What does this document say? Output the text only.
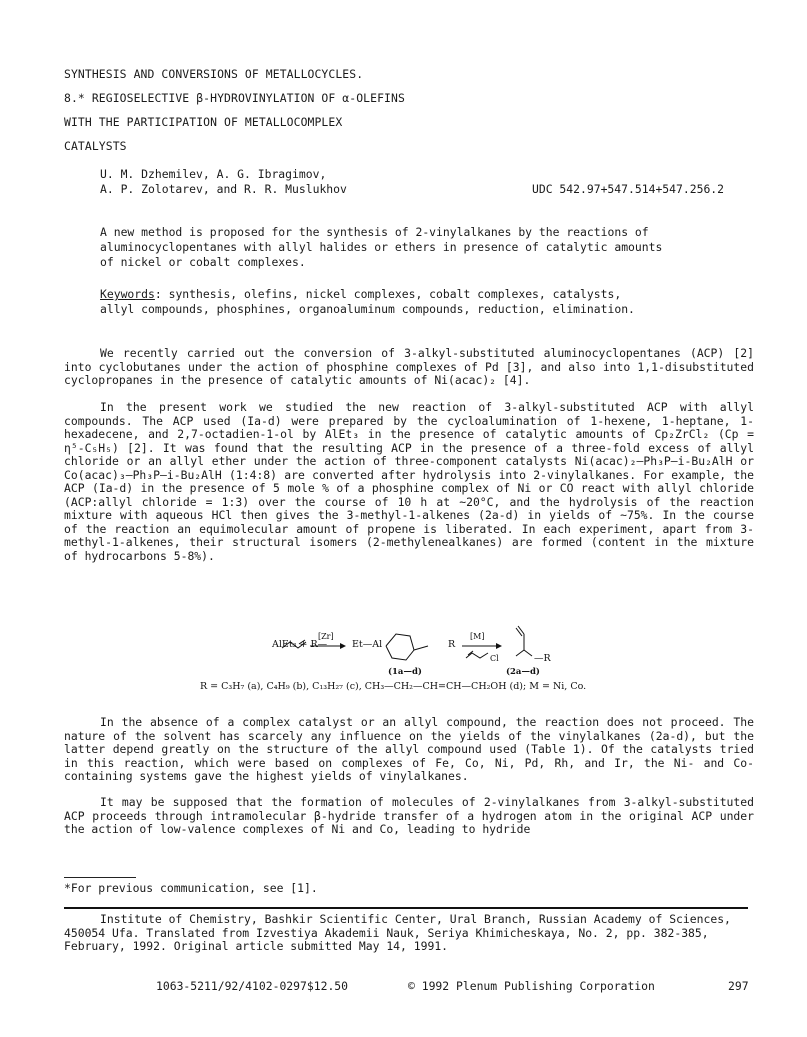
SYNTHESIS AND CONVERSIONS OF METALLOCYCLES.
8.* REGIOSELECTIVE β-HYDROVINYLATION OF α-OLEFINS
WITH THE PARTICIPATION OF METALLOCOMPLEX
CATALYSTS
U. M. Dzhemilev, A. G. Ibragimov,
A. P. Zolotarev, and R. R. Muslukhov	UDC 542.97+547.514+547.256.2
A new method is proposed for the synthesis of 2-vinylalkanes by the reactions of
aluminocyclopentanes with allyl halides or ethers in presence of catalytic amounts
of nickel or cobalt complexes.
Keywords: synthesis, olefins, nickel complexes, cobalt complexes, catalysts,
allyl compounds, phosphines, organoaluminum compounds, reduction, elimination.

We recently carried out the conversion of 3-alkyl-substituted aluminocyclopentanes (ACP) [2] into cyclobutanes under the action of phosphine complexes of Pd [3], and also into 1,1-disubstituted cyclopropanes in the presence of catalytic amounts of Ni(acac)₂ [4].

In the present work we studied the new reaction of 3-alkyl-substituted ACP with allyl compounds. The ACP used (Ia-d) were prepared by the cycloalumination of 1-hexene, 1-heptane, 1-hexadecene, and 2,7-octadien-1-ol by AlEt₃ in the presence of catalytic amounts of Cp₂ZrCl₂ (Cp = η⁵-C₅H₅) [2]. It was found that the resulting ACP in the presence of a three-fold excess of allyl chloride or an allyl ether under the action of three-component catalysts Ni(acac)₂–Ph₃P–i-Bu₂AlH or Co(acac)₃–Ph₃P–i-Bu₂AlH (1:4:8) are converted after hydrolysis into 2-vinylalkanes. For example, the ACP (Ia-d) in the presence of 5 mole % of a phosphine complex of Ni or CO react with allyl chloride (ACP:allyl chloride = 1:3) over the course of 10 h at ~20°C, and the hydrolysis of the reaction mixture with aqueous HCl then gives the 3-methyl-1-alkenes (2a-d) in yields of ~75%. In the course of the reaction an equimolecular amount of propene is liberated. In each experiment, apart from 3-methyl-1-alkenes, their structural isomers (2-methylenealkanes) are formed (content in the mixture of hydrocarbons 5-8%).

AlEt₃ + R—
[Zr]
Et—Al	R
[M]
Cl	—R
(1a—d)	(2a—d)
R = C₃H₇ (a), C₄H₉ (b), C₁₃H₂₇ (c), CH₃—CH₂—CH=CH—CH₂OH (d); M = Ni, Co.

In the absence of a complex catalyst or an allyl compound, the reaction does not proceed. The nature of the solvent has scarcely any influence on the yields of the vinylalkanes (2a-d), but the latter depend greatly on the structure of the allyl compound used (Table 1). Of the catalysts tried in this reaction, which were based on complexes of Fe, Co, Ni, Pd, Rh, and Ir, the Ni- and Co-containing systems gave the highest yields of vinylalkanes.

It may be supposed that the formation of molecules of 2-vinylalkanes from 3-alkyl-substituted ACP proceeds through intramolecular β-hydride transfer of a hydrogen atom in the original ACP under the action of low-valence complexes of Ni and Co, leading to hydride

*For previous communication, see [1].

Institute of Chemistry, Bashkir Scientific Center, Ural Branch, Russian Academy of Sciences, 450054 Ufa. Translated from Izvestiya Akademii Nauk, Seriya Khimicheskaya, No. 2, pp. 382-385, February, 1992. Original article submitted May 14, 1991.

1063-5211/92/4102-0297$12.50	© 1992 Plenum Publishing Corporation	297
